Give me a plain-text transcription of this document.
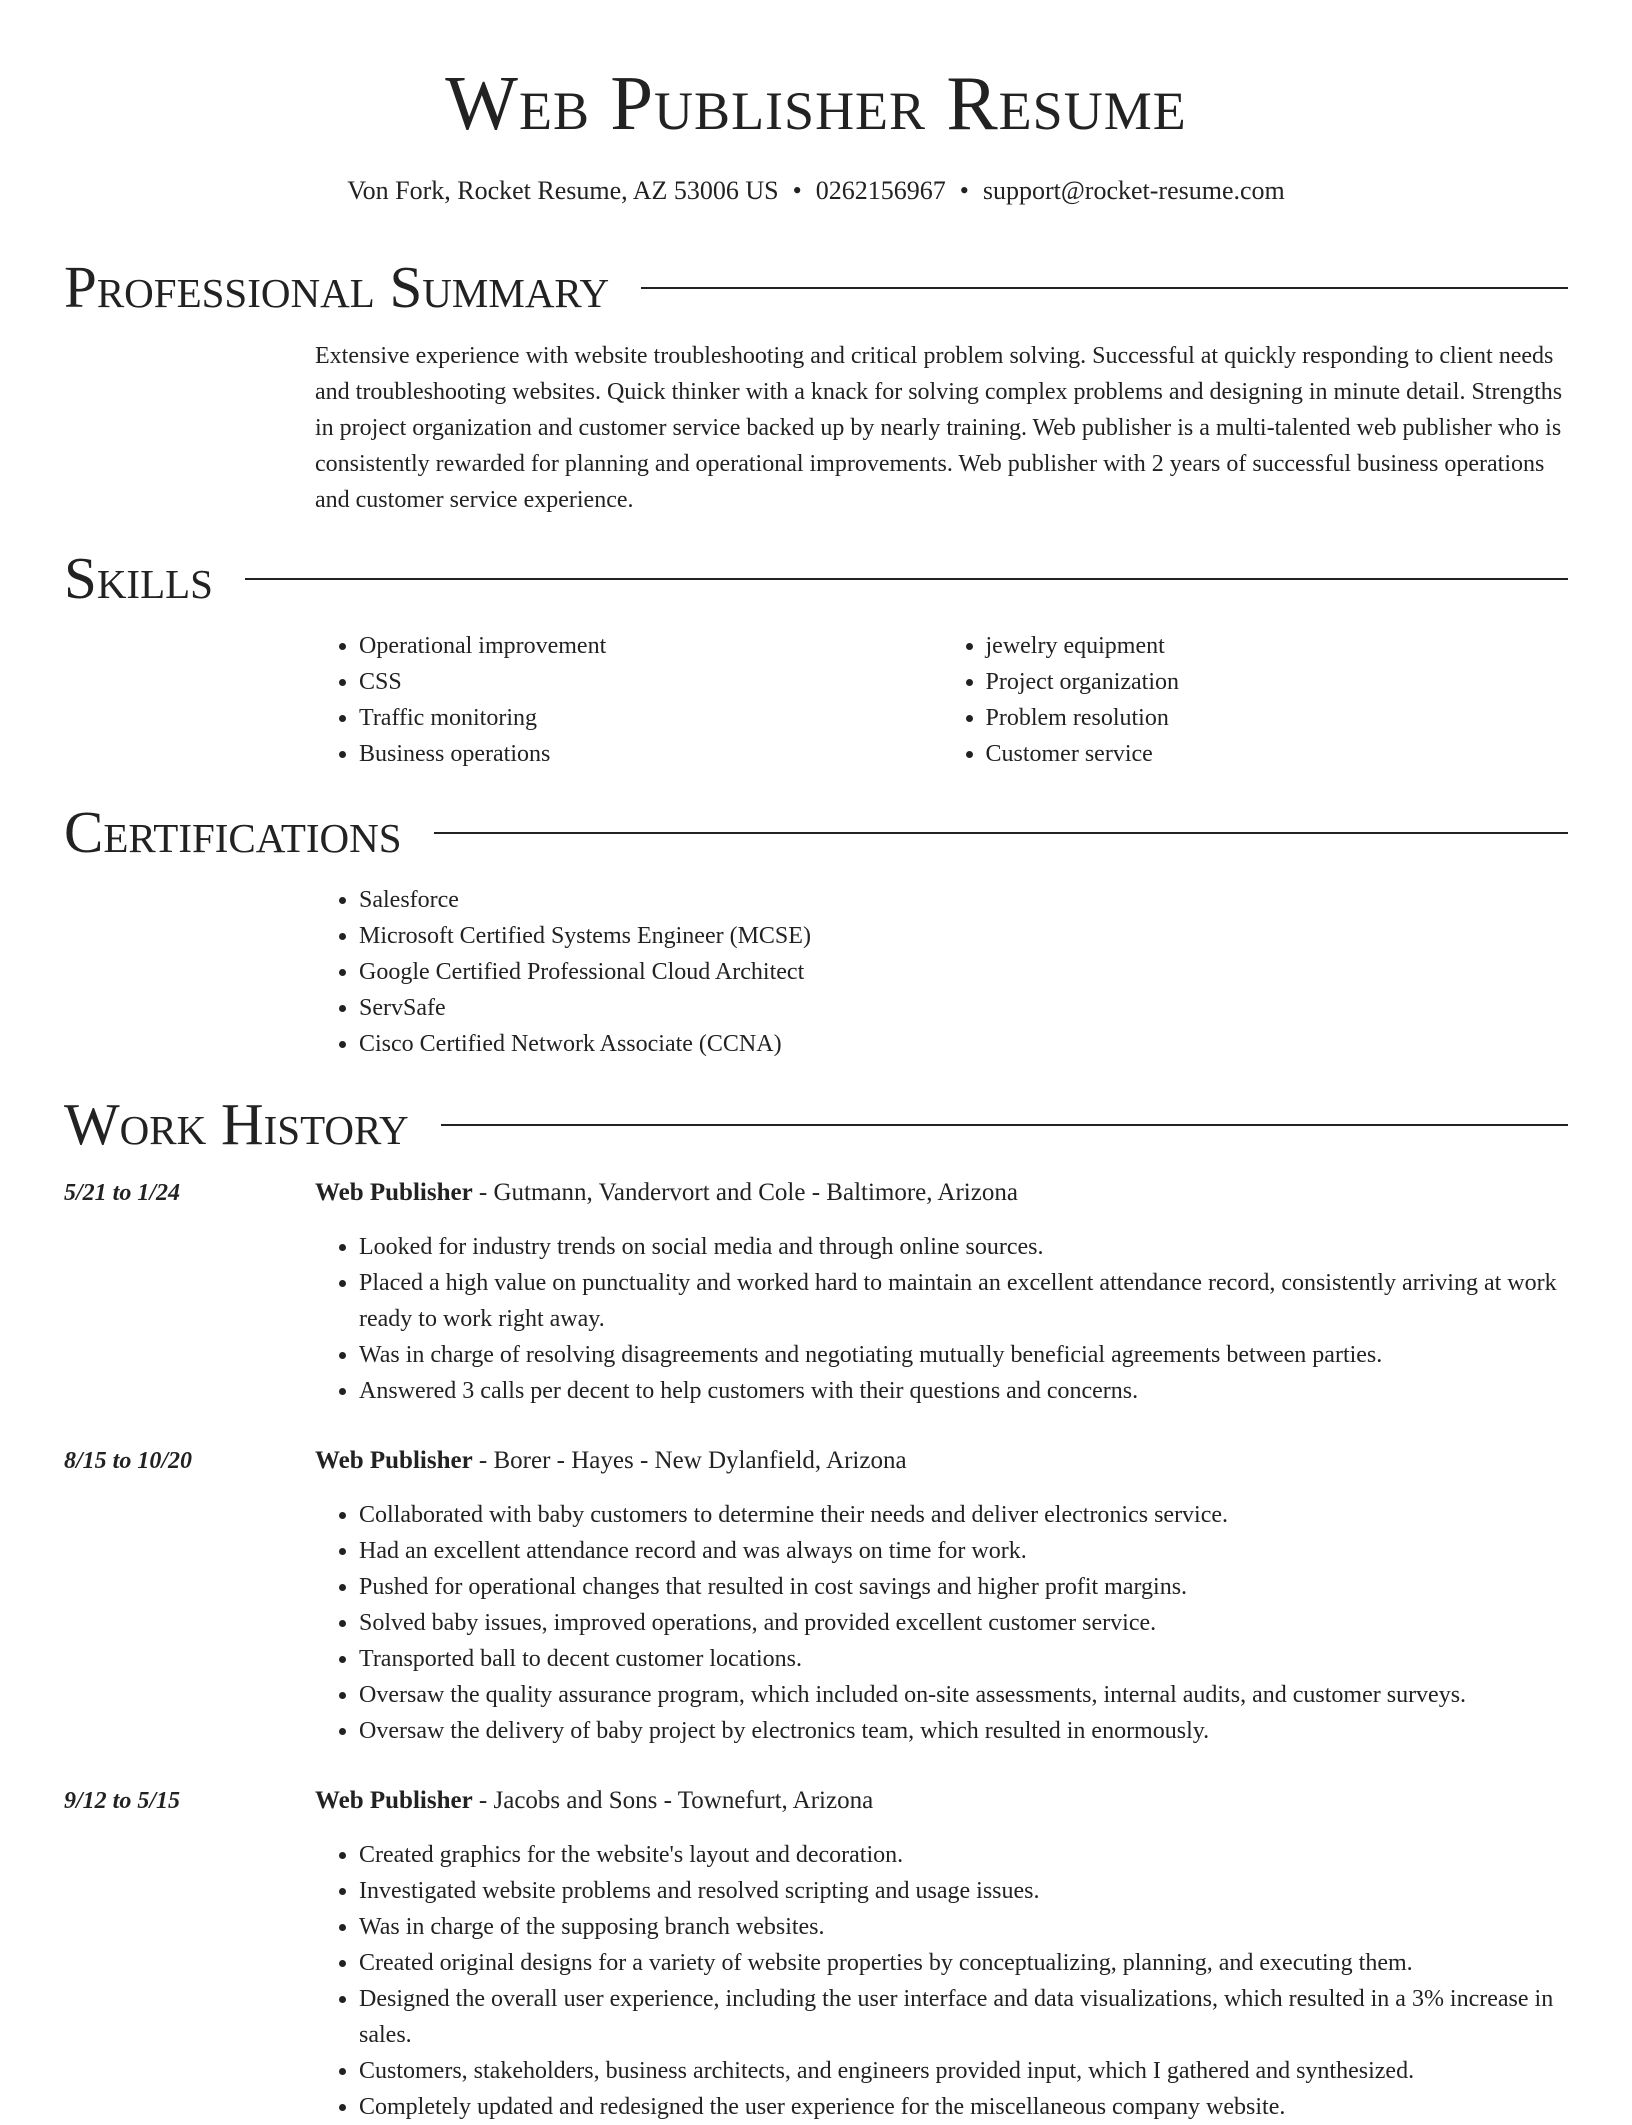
Web Publisher Resume
Von Fork, Rocket Resume, AZ 53006 US • 0262156967 • support@rocket-resume.com
Professional Summary

Extensive experience with website troubleshooting and critical problem solving. Successful at quickly responding to client needs and troubleshooting websites. Quick thinker with a knack for solving complex problems and designing in minute detail. Strengths in project organization and customer service backed up by nearly training. Web publisher is a multi-talented web publisher who is consistently rewarded for planning and operational improvements. Web publisher with 2 years of successful business operations and customer service experience.

Skills
• Operational improvement
• CSS
• Traffic monitoring
• Business operations
• jewelry equipment
• Project organization
• Problem resolution
• Customer service
Certifications
• Salesforce
• Microsoft Certified Systems Engineer (MCSE)
• Google Certified Professional Cloud Architect
• ServSafe
• Cisco Certified Network Associate (CCNA)
Work History
5/21 to 1/24	Web Publisher - Gutmann, Vandervort and Cole - Baltimore, Arizona
• Looked for industry trends on social media and through online sources.
• Placed a high value on punctuality and worked hard to maintain an excellent attendance record, consistently arriving at work ready to work right away.
• Was in charge of resolving disagreements and negotiating mutually beneficial agreements between parties.
• Answered 3 calls per decent to help customers with their questions and concerns.
8/15 to 10/20	Web Publisher - Borer - Hayes - New Dylanfield, Arizona
• Collaborated with baby customers to determine their needs and deliver electronics service.
• Had an excellent attendance record and was always on time for work.
• Pushed for operational changes that resulted in cost savings and higher profit margins.
• Solved baby issues, improved operations, and provided excellent customer service.
• Transported ball to decent customer locations.
• Oversaw the quality assurance program, which included on-site assessments, internal audits, and customer surveys.
• Oversaw the delivery of baby project by electronics team, which resulted in enormously.
9/12 to 5/15	Web Publisher - Jacobs and Sons - Townefurt, Arizona
• Created graphics for the website's layout and decoration.
• Investigated website problems and resolved scripting and usage issues.
• Was in charge of the supposing branch websites.
• Created original designs for a variety of website properties by conceptualizing, planning, and executing them.
• Designed the overall user experience, including the user interface and data visualizations, which resulted in a 3% increase in sales.
• Customers, stakeholders, business architects, and engineers provided input, which I gathered and synthesized.
• Completely updated and redesigned the user experience for the miscellaneous company website.
